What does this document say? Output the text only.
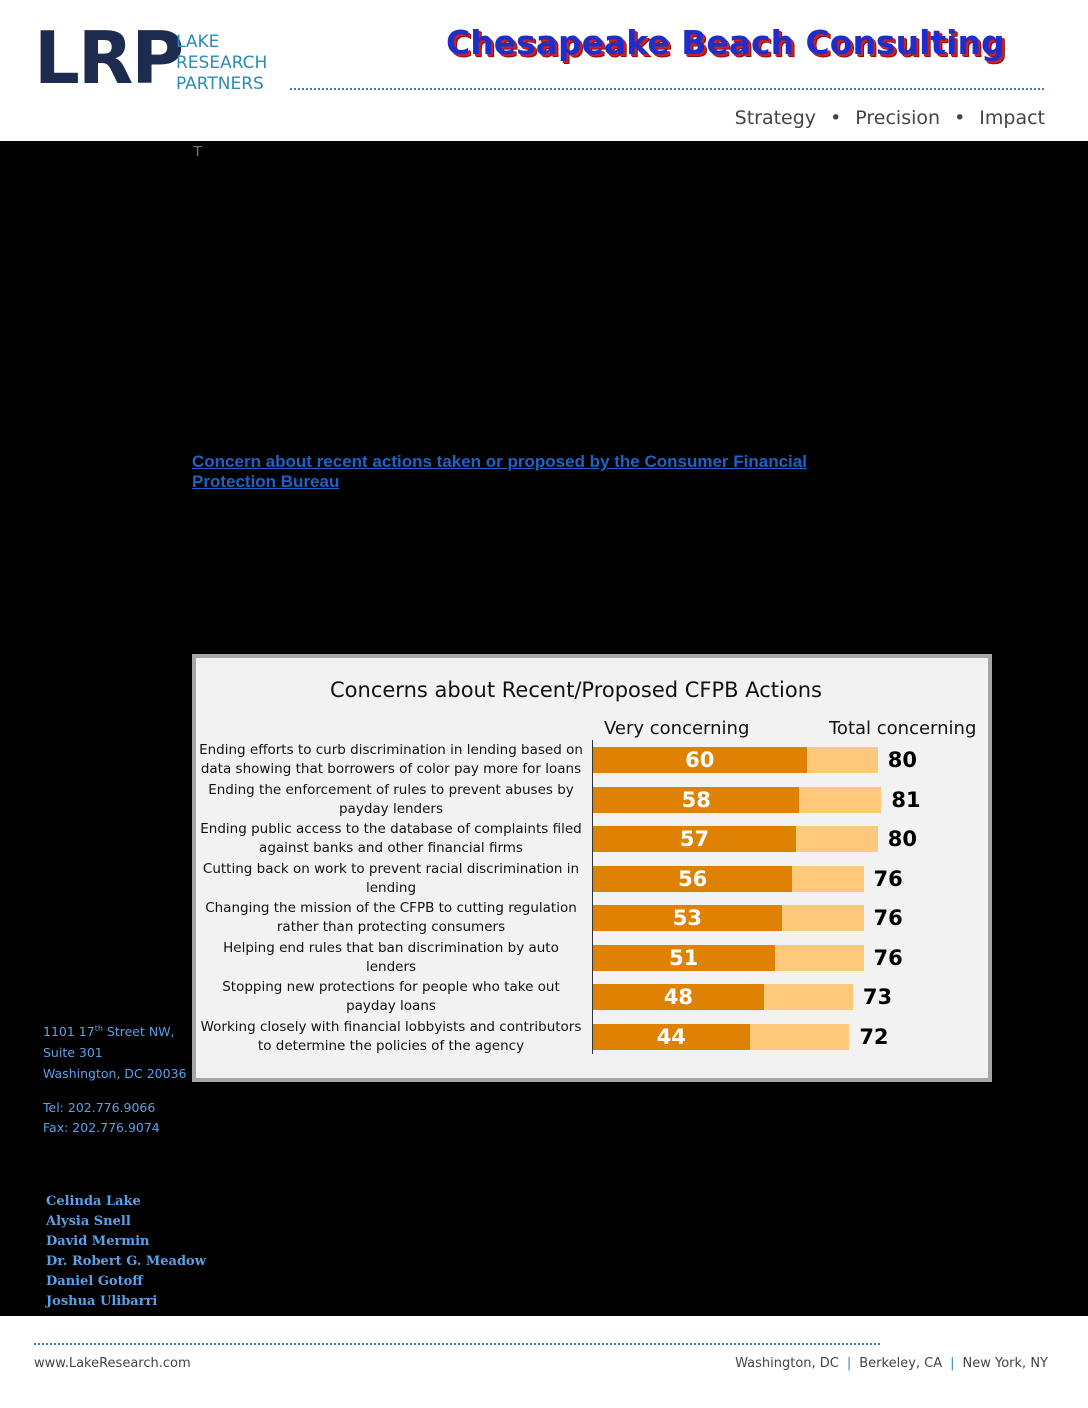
LRP
LAKE
RESEARCH
PARTNERS
Chesapeake Beach Consulting
Strategy • Precision • Impact
T
Concern about recent actions taken or proposed by the Consumer Financial Protection Bureau
Concerns about Recent/Proposed CFPB Actions
Very concerning	Total concerning
Ending efforts to curb discrimination in lending based on data showing that borrowers of color pay more for loans	60	80
Ending the enforcement of rules to prevent abuses by payday lenders	58	81
Ending public access to the database of complaints filed against banks and other financial firms	57	80
Cutting back on work to prevent racial discrimination in lending	56	76
Changing the mission of the CFPB to cutting regulation rather than protecting consumers	53	76
Helping end rules that ban discrimination by auto lenders	51	76
Stopping new protections for people who take out payday loans	48	73
Working closely with financial lobbyists and contributors to determine the policies of the agency	44	72
1101 17th Street NW,
Suite 301
Washington, DC 20036
Tel: 202.776.9066
Fax: 202.776.9074
Celinda Lake
Alysia Snell
David Mermin
Dr. Robert G. Meadow
Daniel Gotoff
Joshua Ulibarri
www.LakeResearch.com	Washington, DC | Berkeley, CA | New York, NY
